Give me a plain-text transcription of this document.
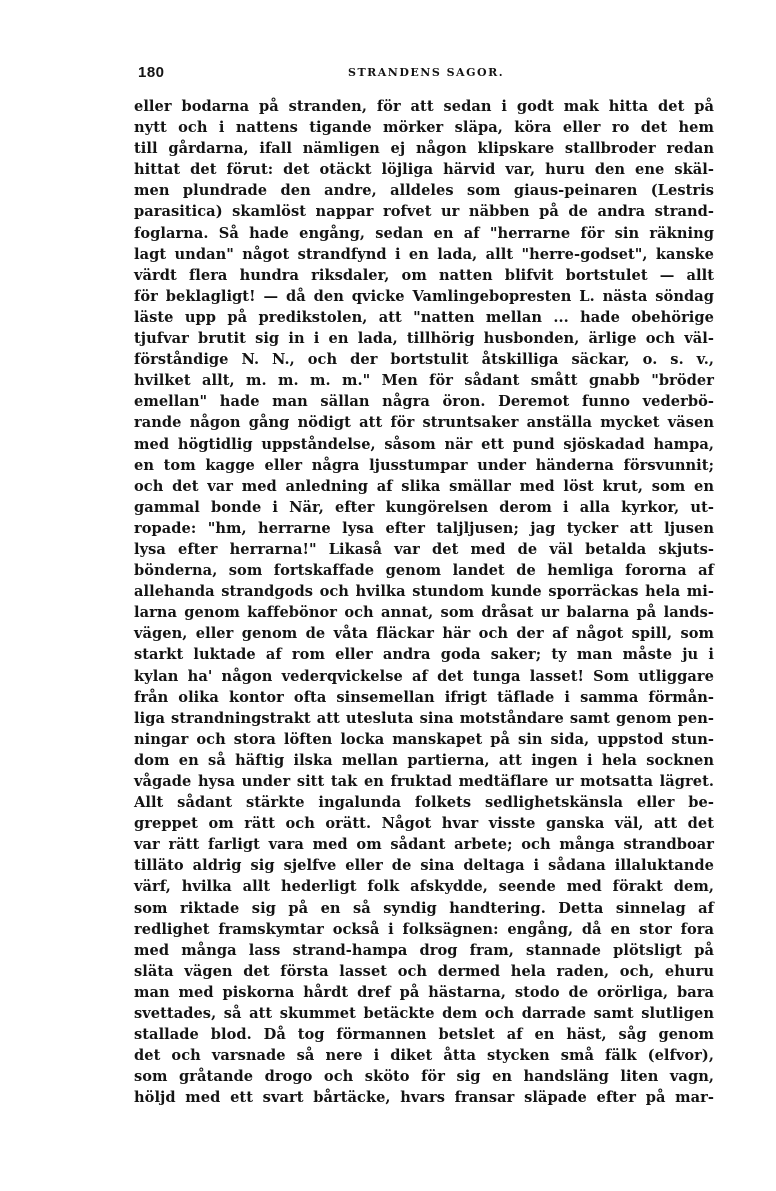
180	STRANDENS SAGOR.
eller bodarna på stranden, för att sedan i godt mak hitta det på
nytt och i nattens tigande mörker släpa, köra eller ro det hem
till gårdarna, ifall nämligen ej någon klipskare stallbroder redan
hittat det förut: det otäckt löjliga härvid var, huru den ene skäl-
men plundrade den andre, alldeles som giaus-peinaren (Lestris
parasitica) skamlöst nappar rofvet ur näbben på de andra strand-
foglarna. Så hade engång, sedan en af "herrarne för sin räkning
lagt undan" något strandfynd i en lada, allt "herre-godset", kanske
värdt flera hundra riksdaler, om natten blifvit bortstulet — allt
för beklagligt! — då den qvicke Vamlingebopresten L. nästa söndag
läste upp på predikstolen, att "natten mellan ... hade obehörige
tjufvar brutit sig in i en lada, tillhörig husbonden, ärlige och väl-
förståndige N. N., och der bortstulit åtskilliga säckar, o. s. v.,
hvilket allt, m. m. m. m." Men för sådant smått gnabb "bröder
emellan" hade man sällan några öron. Deremot funno vederbö-
rande någon gång nödigt att för struntsaker anställa mycket väsen
med högtidlig uppståndelse, såsom när ett pund sjöskadad hampa,
en tom kagge eller några ljusstumpar under händerna försvunnit;
och det var med anledning af slika smällar med löst krut, som en
gammal bonde i När, efter kungörelsen derom i alla kyrkor, ut-
ropade: "hm, herrarne lysa efter taljljusen; jag tycker att ljusen
lysa efter herrarna!" Likaså var det med de väl betalda skjuts-
bönderna, som fortskaffade genom landet de hemliga fororna af
allehanda strandgods och hvilka stundom kunde sporräckas hela mi-
larna genom kaffebönor och annat, som dråsat ur balarna på lands-
vägen, eller genom de våta fläckar här och der af något spill, som
starkt luktade af rom eller andra goda saker; ty man måste ju i
kylan ha' någon vederqvickelse af det tunga lasset! Som utliggare
från olika kontor ofta sinsemellan ifrigt täflade i samma förmån-
liga strandningstrakt att utesluta sina motståndare samt genom pen-
ningar och stora löften locka manskapet på sin sida, uppstod stun-
dom en så häftig ilska mellan partierna, att ingen i hela socknen
vågade hysa under sitt tak en fruktad medtäflare ur motsatta lägret.
Allt sådant stärkte ingalunda folkets sedlighetskänsla eller be-
greppet om rätt och orätt. Något hvar visste ganska väl, att det
var rätt farligt vara med om sådant arbete; och många strandboar
tilläto aldrig sig sjelfve eller de sina deltaga i sådana illaluktande
värf, hvilka allt hederligt folk afskydde, seende med förakt dem,
som riktade sig på en så syndig handtering. Detta sinnelag af
redlighet framskymtar också i folksägnen: engång, då en stor fora
med många lass strand-hampa drog fram, stannade plötsligt på
släta vägen det första lasset och dermed hela raden, och, ehuru
man med piskorna hårdt dref på hästarna, stodo de orörliga, bara
svettades, så att skummet betäckte dem och darrade samt slutligen
stallade blod. Då tog förmannen betslet af en häst, såg genom
det och varsnade så nere i diket åtta stycken små fälk (elfvor),
som gråtande drogo och sköto för sig en handsläng liten vagn,
höljd med ett svart bårtäcke, hvars fransar släpade efter på mar-
